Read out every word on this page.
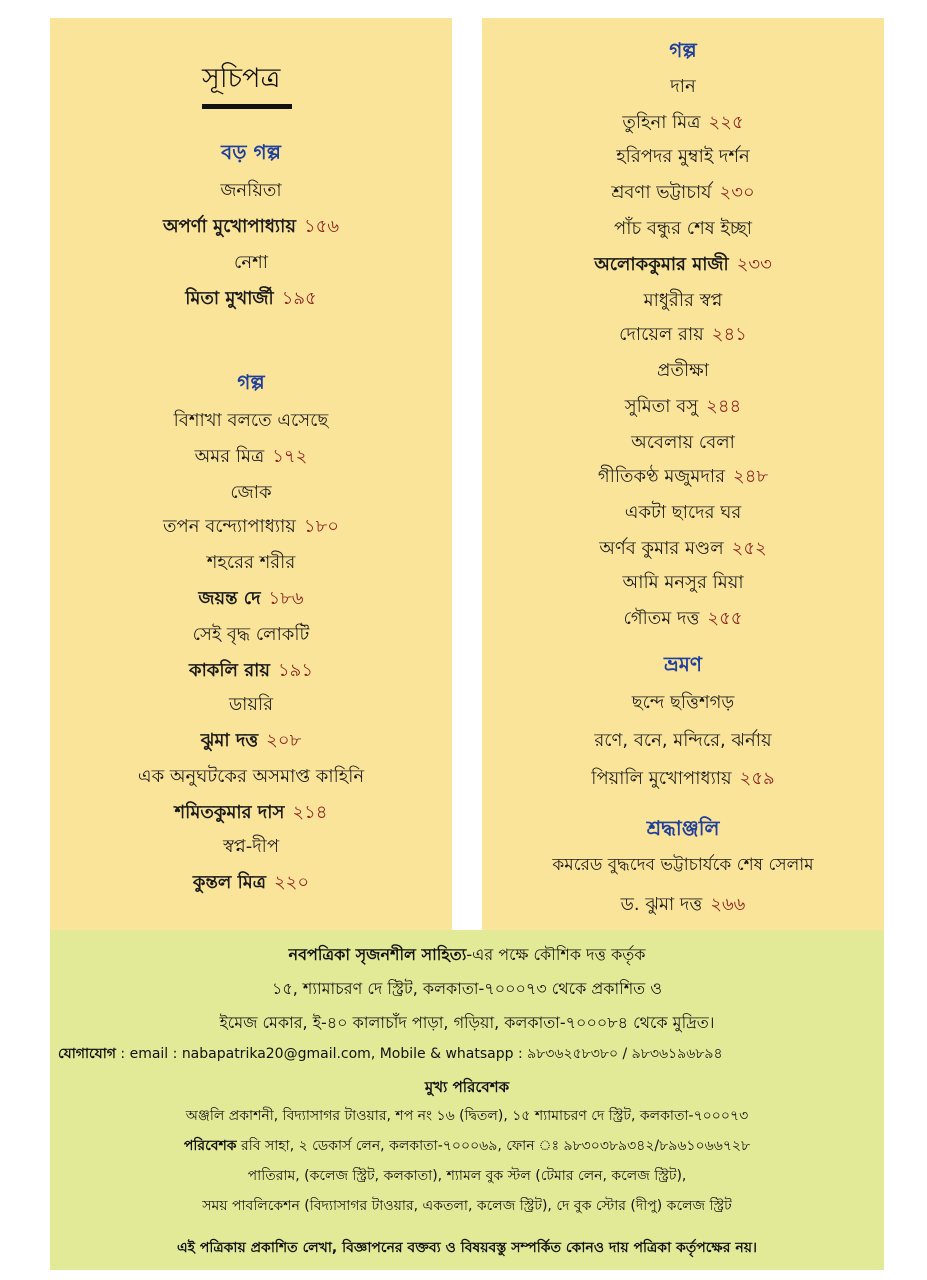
সূচিপত্র
বড় গল্প
জনয়িতা
অপর্ণা মুখোপাধ্যায় ১৫৬
নেশা
মিতা মুখার্জী ১৯৫
গল্প
বিশাখা বলতে এসেছে
অমর মিত্র ১৭২
জোক
তপন বন্দ্যোপাধ্যায় ১৮০
শহরের শরীর
জয়ন্ত দে ১৮৬
সেই বৃদ্ধ লোকটি
কাকলি রায় ১৯১
ডায়রি
ঝুমা দত্ত ২০৮
এক অনুঘটকের অসমাপ্ত কাহিনি
শমিতকুমার দাস ২১৪
স্বপ্ন-দীপ
কুন্তল মিত্র ২২০
গল্প
দান
তুহিনা মিত্র ২২৫
হরিপদর মুম্বাই দর্শন
শ্রবণা ভট্টাচার্য ২৩০
পাঁচ বন্ধুর শেষ ইচ্ছা
অলোককুমার মাজী ২৩৩
মাধুরীর স্বপ্ন
দোয়েল রায় ২৪১
প্রতীক্ষা
সুমিতা বসু ২৪৪
অবেলায় বেলা
গীতিকণ্ঠ মজুমদার ২৪৮
একটা ছাদের ঘর
অর্ণব কুমার মণ্ডল ২৫২
আমি মনসুর মিয়া
গৌতম দত্ত ২৫৫
ভ্রমণ
ছন্দে ছত্তিশগড়
রণে, বনে, মন্দিরে, ঝর্নায়
পিয়ালি মুখোপাধ্যায় ২৫৯
শ্রদ্ধাঞ্জলি
কমরেড বুদ্ধদেব ভট্টাচার্যকে শেষ সেলাম
ড. ঝুমা দত্ত ২৬৬
নবপত্রিকা সৃজনশীল সাহিত্য-এর পক্ষে কৌশিক দত্ত কর্তৃক
১৫, শ্যামাচরণ দে স্ট্রিট, কলকাতা-৭০০০৭৩ থেকে প্রকাশিত ও
ইমেজ মেকার, ই-৪০ কালাচাঁদ পাড়া, গড়িয়া, কলকাতা-৭০০০৮৪ থেকে মুদ্রিত।
যোগাযোগ : email : nabapatrika20@gmail.com, Mobile & whatsapp : ৯৮৩৬২৫৮৩৮০ / ৯৮৩৬১৯৬৮৯৪
মুখ্য পরিবেশক
অঞ্জলি প্রকাশনী, বিদ্যাসাগর টাওয়ার, শপ নং ১৬ (দ্বিতল), ১৫ শ্যামাচরণ দে স্ট্রিট, কলকাতা-৭০০০৭৩
পরিবেশক রবি সাহা, ২ ডেকার্স লেন, কলকাতা-৭০০০৬৯, ফোন ঃ ৯৮৩০৩৮৯৩৪২/৮৯৬১০৬৬৭২৮
পাতিরাম, (কলেজ স্ট্রিট, কলকাতা), শ্যামল বুক স্টল (টেমার লেন, কলেজ স্ট্রিট),
সময় পাবলিকেশন (বিদ্যাসাগর টাওয়ার, একতলা, কলেজ স্ট্রিট), দে বুক স্টোর (দীপু) কলেজ স্ট্রিট
এই পত্রিকায় প্রকাশিত লেখা, বিজ্ঞাপনের বক্তব্য ও বিষয়বস্তু সম্পর্কিত কোনও দায় পত্রিকা কর্তৃপক্ষের নয়।
